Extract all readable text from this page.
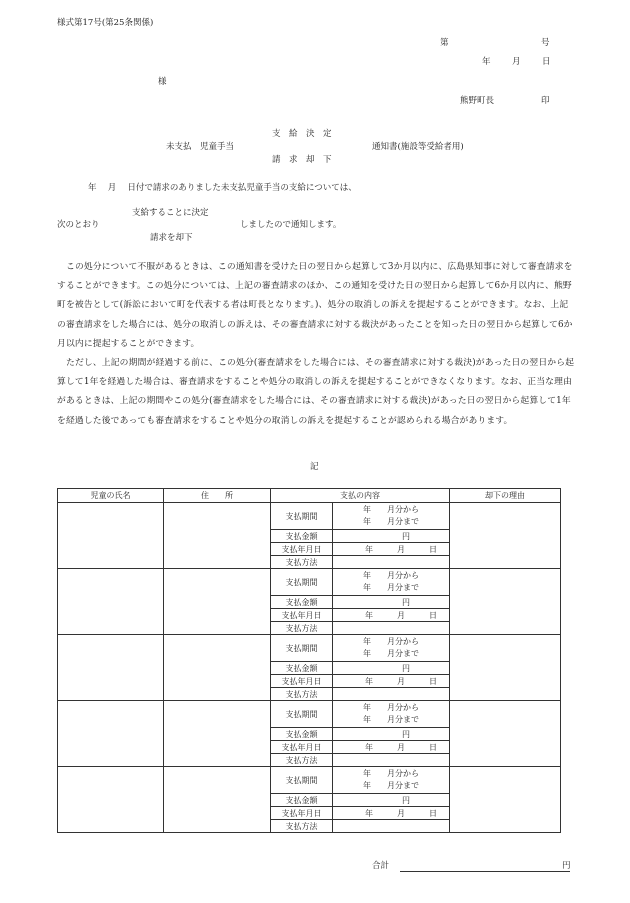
様式第17号(第25条関係)
第	号
年	月	日
様
熊野町長	印
支　給　決　定
未支払　児童手当	通知書(施設等受給者用)
請　求　却　下
年　 月　 日付で請求のありました未支払児童手当の支給については、
支給することに決定
次のとおり	しましたので通知します。
請求を却下

この処分について不服があるときは、この通知書を受けた日の翌日から起算して3か月以内に、広島県知事に対して審査請求をすることができます。この処分については、上記の審査請求のほか、この通知を受けた日の翌日から起算して6か月以内に、熊野町を被告として(訴訟において町を代表する者は町長となります。)、処分の取消しの訴えを提起することができます。なお、上記の審査請求をした場合には、処分の取消しの訴えは、その審査請求に対する裁決があったことを知った日の翌日から起算して6か月以内に提起することができます。

ただし、上記の期間が経過する前に、この処分(審査請求をした場合には、その審査請求に対する裁決)があった日の翌日から起算して1年を経過した場合は、審査請求をすることや処分の取消しの訴えを提起することができなくなります。なお、正当な理由があるときは、上記の期間やこの処分(審査請求をした場合には、その審査請求に対する裁決)があった日の翌日から起算して1年を経過した後であっても審査請求をすることや処分の取消しの訴えを提起することが認められる場合があります。

記
児童の氏名	住　　所	支払の内容		却下の理由
		支払期間	年　　月分から
年　　月分まで	

		支払金額	円	

		支払年月日	年 月 日	

		支払方法		
		支払期間	年　　月分から
年　　月分まで	

		支払金額	円	

		支払年月日	年 月 日	

		支払方法		
		支払期間	年　　月分から
年　　月分まで	

		支払金額	円	

		支払年月日	年 月 日	

		支払方法		
		支払期間	年　　月分から
年　　月分まで	

		支払金額	円	

		支払年月日	年 月 日	

		支払方法		
		支払期間	年　　月分から
年　　月分まで	

		支払金額	円	

		支払年月日	年 月 日	

		支払方法		
合計	円
